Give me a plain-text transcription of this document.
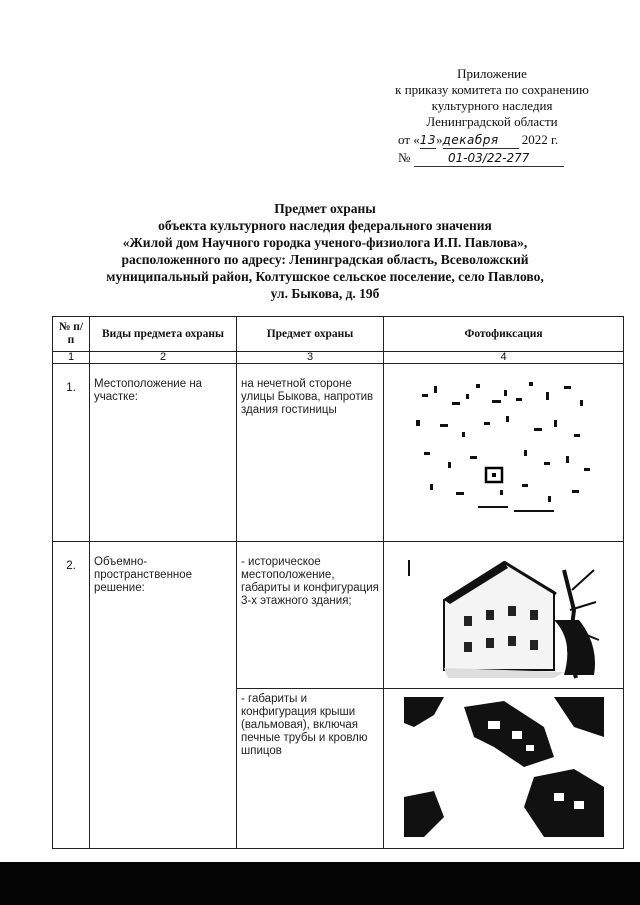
Приложение
к приказу комитета по сохранению
культурного наследия
Ленинградской области
от «13»декабря 2022 г.
№	01-03/22-277
Предмет охраны
объекта культурного наследия федерального значения
«Жилой дом Научного городка ученого-физиолога И.П. Павлова»,
расположенного по адресу: Ленинградская область, Всеволожский
муниципальный район, Колтушское сельское поселение, село Павлово,
ул. Быкова, д. 19б
№ п/п	Виды предмета охраны	Предмет охраны	Фотофиксация
1	2	3	4
1.	Местоположение на участке:	на нечетной стороне улицы Быкова, напротив здания гостиницы	

2.	Объемно-пространственное решение:	- историческое местоположение, габариты и конфигурация 3-х этажного здания;	

		- габариты и конфигурация крыши (вальмовая), включая печные трубы и кровлю шпицов	
